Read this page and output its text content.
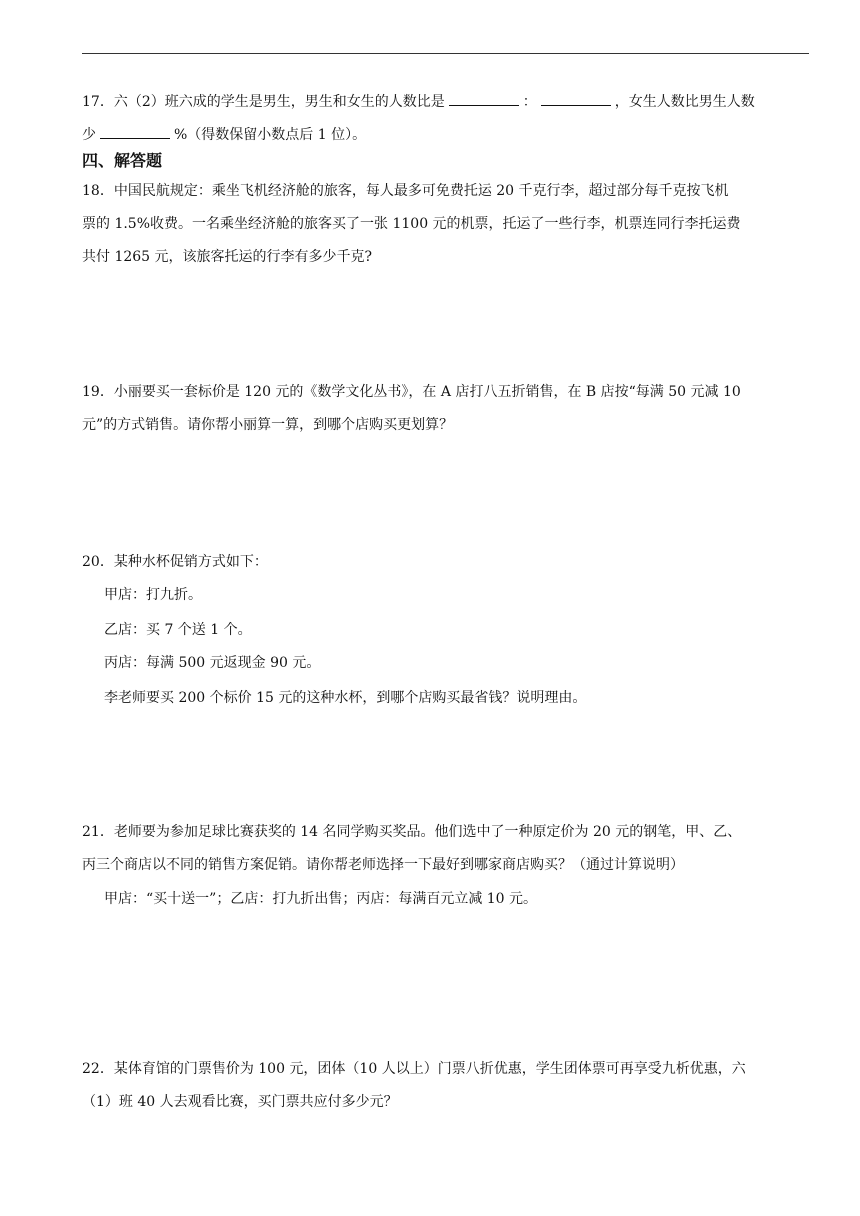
17．六（2）班六成的学生是男生，男生和女生的人数比是	：	，女生人数比男生人数
少	%（得数保留小数点后 1 位）。
四、解答题
18．中国民航规定：乘坐飞机经济舱的旅客，每人最多可免费托运 20 千克行李，超过部分每千克按飞机
票的 1.5%收费。一名乘坐经济舱的旅客买了一张 1100 元的机票，托运了一些行李，机票连同行李托运费
共付 1265 元，该旅客托运的行李有多少千克?
19．小丽要买一套标价是 120 元的《数学文化丛书》，在 A 店打八五折销售，在 B 店按“每满 50 元减 10
元”的方式销售。请你帮小丽算一算，到哪个店购买更划算？
20．某种水杯促销方式如下：
甲店：打九折。
乙店：买 7 个送 1 个。
丙店：每满 500 元返现金 90 元。
李老师要买 200 个标价 15 元的这种水杯，到哪个店购买最省钱？说明理由。
21．老师要为参加足球比赛获奖的 14 名同学购买奖品。他们选中了一种原定价为 20 元的钢笔，甲、乙、
丙三个商店以不同的销售方案促销。请你帮老师选择一下最好到哪家商店购买？（通过计算说明）
甲店：“买十送一”；乙店：打九折出售；丙店：每满百元立减 10 元。
22．某体育馆的门票售价为 100 元，团体（10 人以上）门票八折优惠，学生团体票可再享受九析优惠，六
（1）班 40 人去观看比赛，买门票共应付多少元？
